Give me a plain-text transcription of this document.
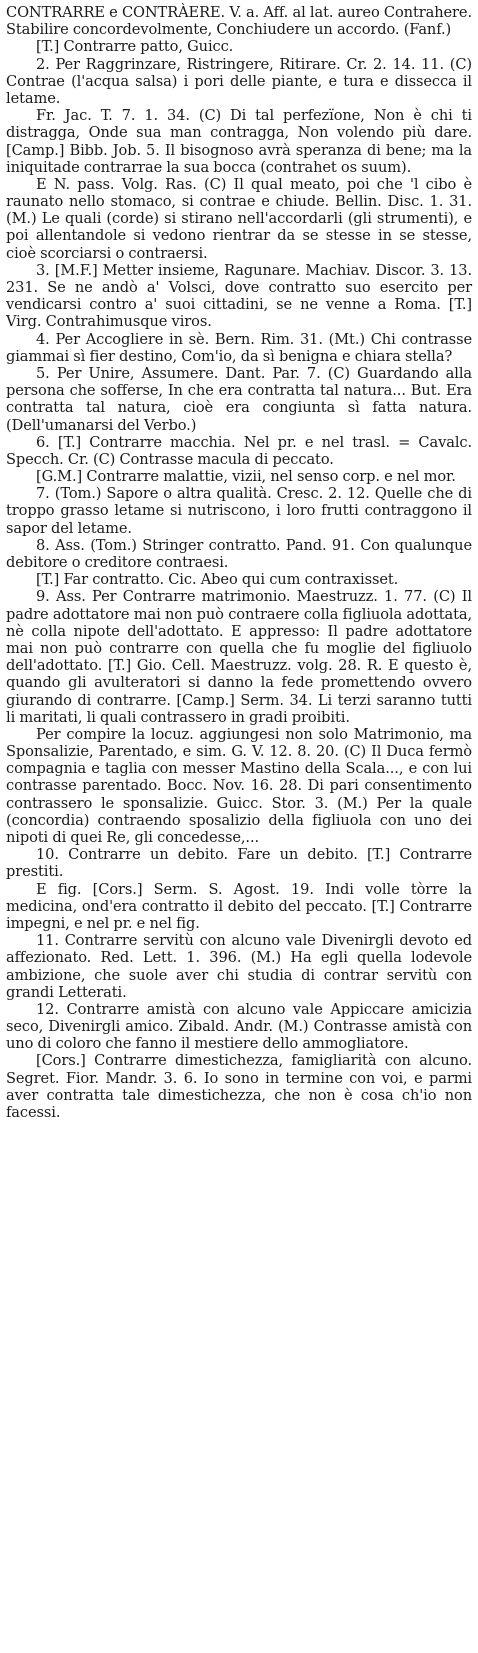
CONTRARRE e CONTRÀERE. V. a. Aff. al lat. aureo Contrahere. Stabilire concordevolmente, Conchiudere un accordo. (Fanf.)

[T.] Contrarre patto, Guicc.

2. Per Raggrinzare, Ristringere, Ritirare. Cr. 2. 14. 11. (C) Contrae (l'acqua salsa) i pori delle piante, e tura e dissecca il letame.

Fr. Jac. T. 7. 1. 34. (C) Di tal perfezïone, Non è chi ti distragga, Onde sua man contragga, Non volendo più dare. [Camp.] Bibb. Job. 5. Il bisognoso avrà speranza di bene; ma la iniquitade contrarrae la sua bocca (contrahet os suum).

E N. pass. Volg. Ras. (C) Il qual meato, poi che 'l cibo è raunato nello stomaco, si contrae e chiude. Bellin. Disc. 1. 31. (M.) Le quali (corde) si stirano nell'accordarli (gli strumenti), e poi allentandole si vedono rientrar da se stesse in se stesse, cioè scorciarsi o contraersi.

3. [M.F.] Metter insieme, Ragunare. Machiav. Discor. 3. 13. 231. Se ne andò a' Volsci, dove contratto suo esercito per vendicarsi contro a' suoi cittadini, se ne venne a Roma. [T.] Virg. Contrahimusque viros.

4. Per Accogliere in sè. Bern. Rim. 31. (Mt.) Chi contrasse giammai sì fier destino, Com'io, da sì benigna e chiara stella?

5. Per Unire, Assumere. Dant. Par. 7. (C) Guardando alla persona che sofferse, In che era contratta tal natura... But. Era contratta tal natura, cioè era congiunta sì fatta natura. (Dell'umanarsi del Verbo.)

6. [T.] Contrarre macchia. Nel pr. e nel trasl. = Cavalc. Specch. Cr. (C) Contrasse macula di peccato.

[G.M.] Contrarre malattie, vizii, nel senso corp. e nel mor.

7. (Tom.) Sapore o altra qualità. Cresc. 2. 12. Quelle che di troppo grasso letame si nutriscono, i loro frutti contraggono il sapor del letame.

8. Ass. (Tom.) Stringer contratto. Pand. 91. Con qualunque debitore o creditore contraesi.

[T.] Far contratto. Cic. Abeo qui cum contraxisset.

9. Ass. Per Contrarre matrimonio. Maestruzz. 1. 77. (C) Il padre adottatore mai non può contraere colla figliuola adottata, nè colla nipote dell'adottato. E appresso: Il padre adottatore mai non può contrarre con quella che fu moglie del figliuolo dell'adottato. [T.] Gio. Cell. Maestruzz. volg. 28. R. E questo è, quando gli avulteratori si danno la fede promettendo ovvero giurando di contrarre. [Camp.] Serm. 34. Li terzi saranno tutti li maritati, li quali contrassero in gradi proibiti.

Per compire la locuz. aggiungesi non solo Matrimonio, ma Sponsalizie, Parentado, e sim. G. V. 12. 8. 20. (C) Il Duca fermò compagnia e taglia con messer Mastino della Scala..., e con lui contrasse parentado. Bocc. Nov. 16. 28. Di pari consentimento contrassero le sponsalizie. Guicc. Stor. 3. (M.) Per la quale (concordia) contraendo sposalizio della figliuola con uno dei nipoti di quei Re, gli concedesse,...

10. Contrarre un debito. Fare un debito. [T.] Contrarre prestiti.

E fig. [Cors.] Serm. S. Agost. 19. Indi volle tòrre la medicina, ond'era contratto il debito del peccato. [T.] Contrarre impegni, e nel pr. e nel fig.

11. Contrarre servitù con alcuno vale Divenirgli devoto ed affezionato. Red. Lett. 1. 396. (M.) Ha egli quella lodevole ambizione, che suole aver chi studia di contrar servitù con grandi Letterati.

12. Contrarre amistà con alcuno vale Appiccare amicizia seco, Divenirgli amico. Zibald. Andr. (M.) Contrasse amistà con uno di coloro che fanno il mestiere dello ammogliatore.

[Cors.] Contrarre dimestichezza, famigliarità con alcuno. Segret. Fior. Mandr. 3. 6. Io sono in termine con voi, e parmi aver contratta tale dimestichezza, che non è cosa ch'io non facessi.
